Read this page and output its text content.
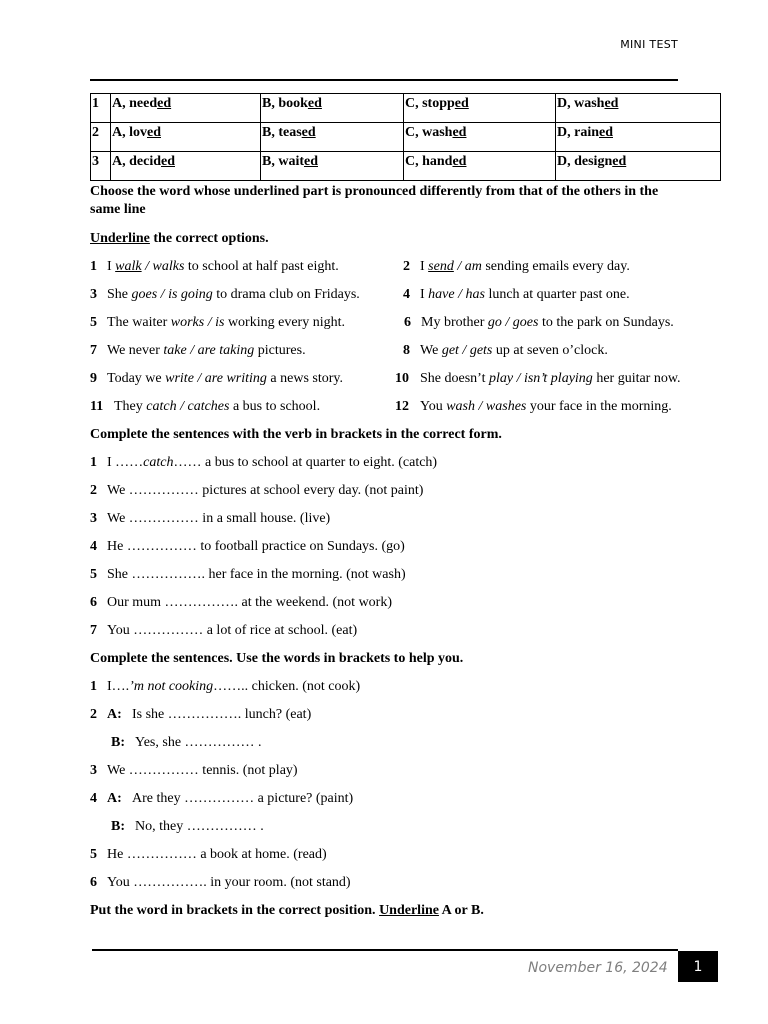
MINI TEST
1	A, needed	B, booked	C, stopped	D, washed
2	A, loved	B, teased	C, washed	D, rained
3	A, decided	B, waited	C, handed	D, designed
Choose the word whose underlined part is pronounced differently from that of the others in the
same line
Underline the correct options.
1 I walk / walks to school at half past eight.	2 I send / am sending emails every day.
3 She goes / is going to drama club on Fridays.	4 I have / has lunch at quarter past one.
5 The waiter works / is working every night.	6 My brother go / goes to the park on Sundays.
7 We never take / are taking pictures.	8 We get / gets up at seven o’clock.
9 Today we write / are writing a news story.	10 She doesn’t play / isn’t playing her guitar now.
11 They catch / catches a bus to school.	12 You wash / washes your face in the morning.
Complete the sentences with the verb in brackets in the correct form.
1 I ……catch…… a bus to school at quarter to eight. (catch)
2 We …………… pictures at school every day. (not paint)
3 We …………… in a small house. (live)
4 He …………… to football practice on Sundays. (go)
5 She ……………. her face in the morning. (not wash)
6 Our mum ……………. at the weekend. (not work)
7 You …………… a lot of rice at school. (eat)
Complete the sentences. Use the words in brackets to help you.
1 I….’m not cooking…….. chicken. (not cook)
2 A: Is she ……………. lunch? (eat)
B: Yes, she …………… .
3 We …………… tennis. (not play)
4 A: Are they …………… a picture? (paint)
B: No, they …………… .
5 He …………… a book at home. (read)
6 You ……………. in your room. (not stand)
Put the word in brackets in the correct position. Underline A or B.
November 16, 2024	1
